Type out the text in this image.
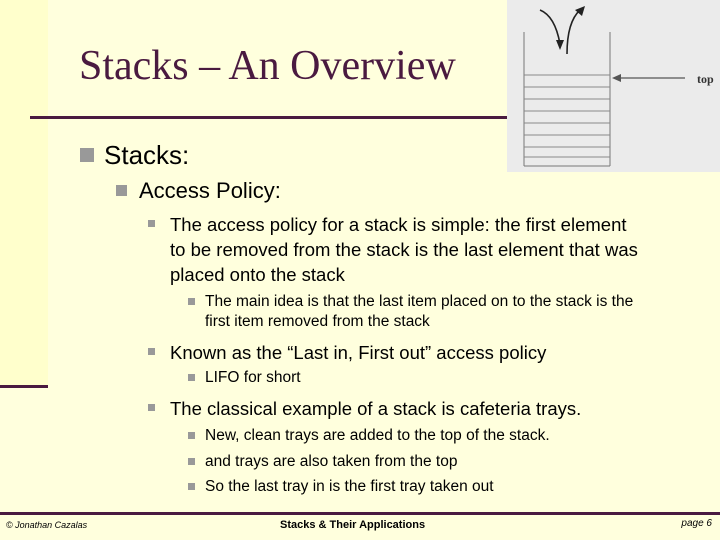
Stacks – An Overview	top
Stacks:
Access Policy:
The access policy for a stack is simple: the first element
to be removed from the stack is the last element that was
placed onto the stack
The main idea is that the last item placed on to the stack is the
first item removed from the stack
Known as the “Last in, First out” access policy
LIFO for short
The classical example of a stack is cafeteria trays.
New, clean trays are added to the top of the stack.
and trays are also taken from the top
So the last tray in is the first tray taken out
© Jonathan Cazalas	Stacks & Their Applications	page 6
